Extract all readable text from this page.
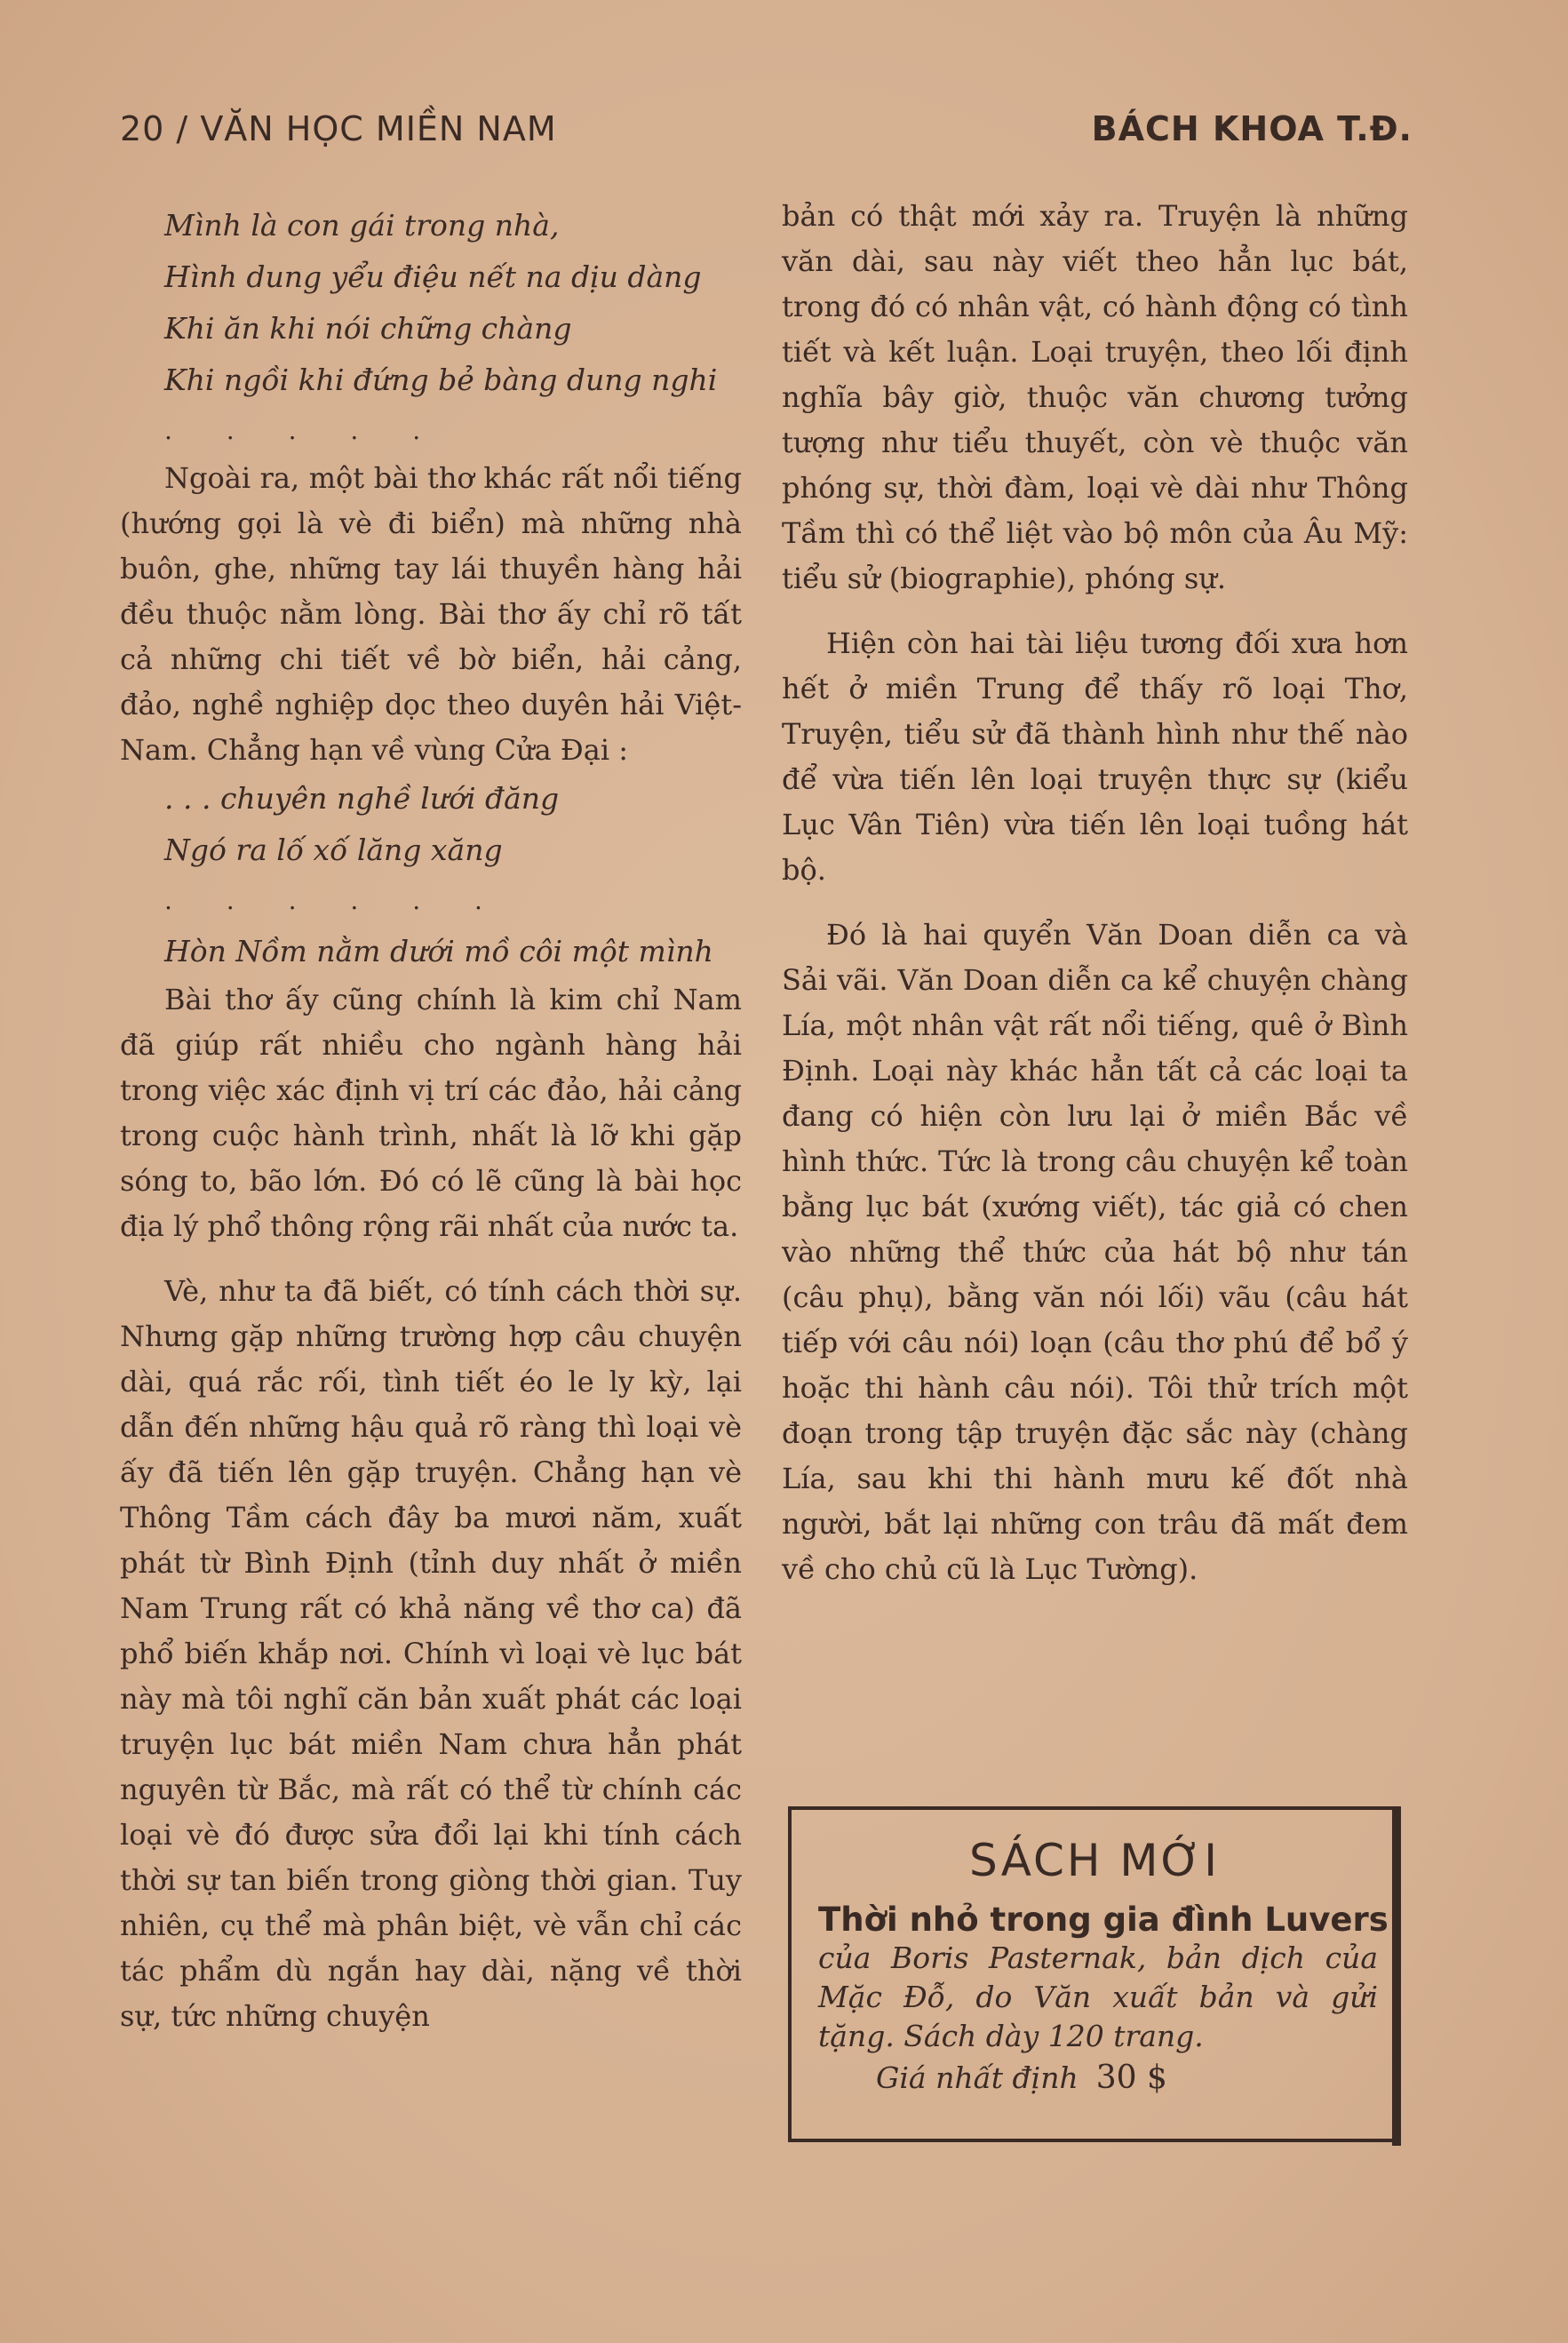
20 / VĂN HỌC MIỀN NAM	BÁCH KHOA T.Đ.
Mình là con gái trong nhà,
Hình dung yểu điệu nết na dịu dàng
Khi ăn khi nói chững chàng
Khi ngồi khi đứng bẻ bàng dung nghi
. . . . .

Ngoài ra, một bài thơ khác rất nổi tiếng (hướng gọi là vè đi biển) mà những nhà buôn, ghe, những tay lái thuyền hàng hải đều thuộc nằm lòng. Bài thơ ấy chỉ rõ tất cả những chi tiết về bờ biển, hải cảng, đảo, nghề nghiệp dọc theo duyên hải Việt-Nam. Chẳng hạn về vùng Cửa Đại :

. . . chuyên nghề lưới đăng
Ngó ra lố xố lăng xăng
. . . . . .
Hòn Nồm nằm dưới mồ côi một mình

Bài thơ ấy cũng chính là kim chỉ Nam đã giúp rất nhiều cho ngành hàng hải trong việc xác định vị trí các đảo, hải cảng trong cuộc hành trình, nhất là lỡ khi gặp sóng to, bão lớn. Đó có lẽ cũng là bài học địa lý phổ thông rộng rãi nhất của nước ta.

Vè, như ta đã biết, có tính cách thời sự. Nhưng gặp những trường hợp câu chuyện dài, quá rắc rối, tình tiết éo le ly kỳ, lại dẫn đến những hậu quả rõ ràng thì loại vè ấy đã tiến lên gặp truyện. Chẳng hạn vè Thông Tầm cách đây ba mươi năm, xuất phát từ Bình Định (tỉnh duy nhất ở miền Nam Trung rất có khả năng về thơ ca) đã phổ biến khắp nơi. Chính vì loại vè lục bát này mà tôi nghĩ căn bản xuất phát các loại truyện lục bát miền Nam chưa hẳn phát nguyên từ Bắc, mà rất có thể từ chính các loại vè đó được sửa đổi lại khi tính cách thời sự tan biến trong giòng thời gian. Tuy nhiên, cụ thể mà phân biệt, vè vẫn chỉ các tác phẩm dù ngắn hay dài, nặng về thời sự, tức những chuyện

bản có thật mới xảy ra. Truyện là những văn dài, sau này viết theo hẳn lục bát, trong đó có nhân vật, có hành động có tình tiết và kết luận. Loại truyện, theo lối định nghĩa bây giờ, thuộc văn chương tưởng tượng như tiểu thuyết, còn vè thuộc văn phóng sự, thời đàm, loại vè dài như Thông Tầm thì có thể liệt vào bộ môn của Âu Mỹ: tiểu sử (biographie), phóng sự.

Hiện còn hai tài liệu tương đối xưa hơn hết ở miền Trung để thấy rõ loại Thơ, Truyện, tiểu sử đã thành hình như thế nào để vừa tiến lên loại truyện thực sự (kiểu Lục Vân Tiên) vừa tiến lên loại tuồng hát bộ.

Đó là hai quyển Văn Doan diễn ca và Sải vãi. Văn Doan diễn ca kể chuyện chàng Lía, một nhân vật rất nổi tiếng, quê ở Bình Định. Loại này khác hẳn tất cả các loại ta đang có hiện còn lưu lại ở miền Bắc về hình thức. Tức là trong câu chuyện kể toàn bằng lục bát (xướng viết), tác giả có chen vào những thể thức của hát bộ như tán (câu phụ), bằng văn nói lối) vãu (câu hát tiếp với câu nói) loạn (câu thơ phú để bổ ý hoặc thi hành câu nói). Tôi thử trích một đoạn trong tập truyện đặc sắc này (chàng Lía, sau khi thi hành mưu kế đốt nhà người, bắt lại những con trâu đã mất đem về cho chủ cũ là Lục Tường).

SÁCH MỚI
Thời nhỏ trong gia đình Luvers
của Boris Pasternak, bản dịch của Mặc Đỗ, do Văn xuất bản và gửi tặng. Sách dày 120 trang.
Giá nhất định 30 $
